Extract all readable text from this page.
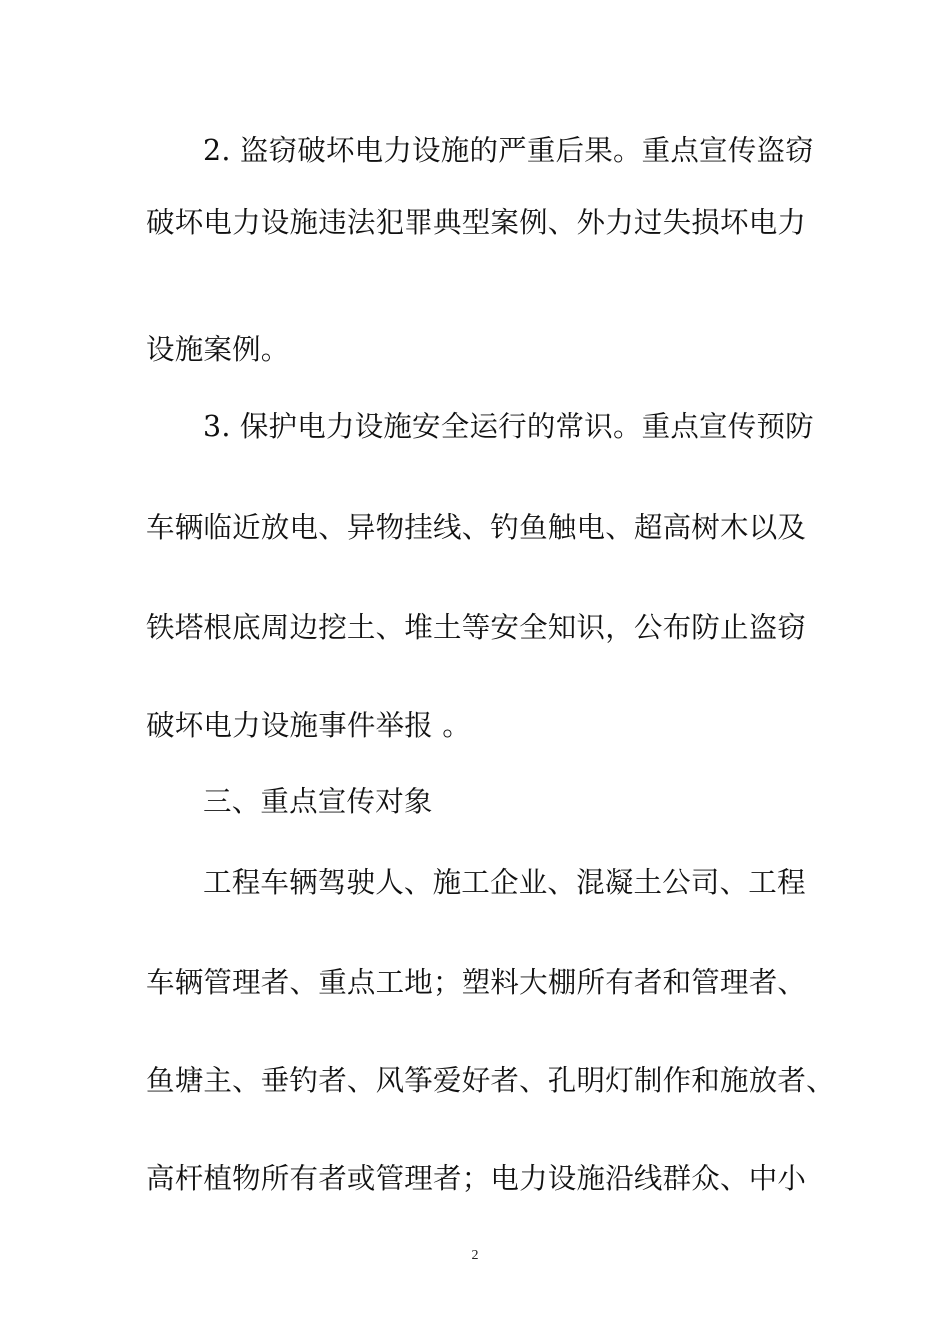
2. 盗窃破坏电力设施的严重后果。重点宣传盗窃
破坏电力设施违法犯罪典型案例、外力过失损坏电力
设施案例。
3. 保护电力设施安全运行的常识。重点宣传预防
车辆临近放电、异物挂线、钓鱼触电、超高树木以及
铁塔根底周边挖土、堆土等安全知识，公布防止盗窃
破坏电力设施事件举报 。
三、重点宣传对象
工程车辆驾驶人、施工企业、混凝土公司、工程
车辆管理者、重点工地；塑料大棚所有者和管理者、
鱼塘主、垂钓者、风筝爱好者、孔明灯制作和施放者、
高杆植物所有者或管理者；电力设施沿线群众、中小
2
